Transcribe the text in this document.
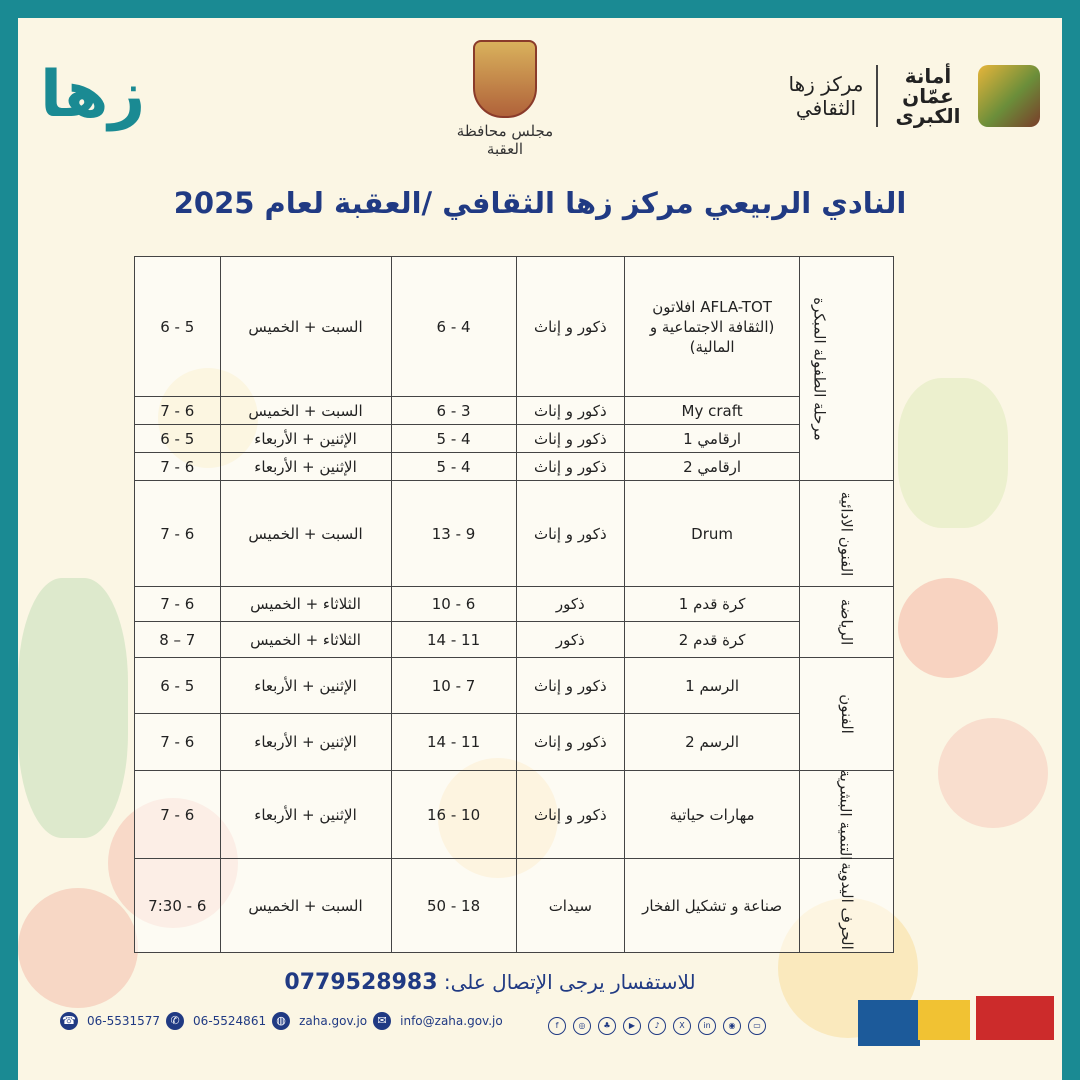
زها	مجلس محافظة العقبة
أمانة
عمّان
الكبرى
مركز زها
الثقافي
النادي الربيعي مركز زها الثقافي /العقبة لعام 2025
مرحلة الطفولة المبكرة	AFLA-TOT افلاتون (الثقافة الاجتماعية و المالية)	ذكور و إناث	4 - 6	السبت + الخميس	5 - 6
	My craft	ذكور و إناث	3 - 6	السبت + الخميس	6 - 7
	ارقامي 1	ذكور و إناث	4 - 5	الإثنين + الأربعاء	5 - 6
	ارقامي 2	ذكور و إناث	4 - 5	الإثنين + الأربعاء	6 - 7
الفنون الادائية	Drum	ذكور و إناث	9 - 13	السبت + الخميس	6 - 7
الرياضة	كرة قدم 1	ذكور	6 - 10	الثلاثاء + الخميس	6 - 7
	كرة قدم 2	ذكور	11 - 14	الثلاثاء + الخميس	7 – 8
الفنون	الرسم 1	ذكور و إناث	7 - 10	الإثنين + الأربعاء	5 - 6
	الرسم 2	ذكور و إناث	11 - 14	الإثنين + الأربعاء	6 - 7
التنمية البشرية	مهارات حياتية	ذكور و إناث	10 - 16	الإثنين + الأربعاء	6 - 7
الحرف اليدوية	صناعة و تشكيل الفخار	سيدات	18 - 50	السبت + الخميس	6 - 7:30
للاستفسار يرجى الإتصال على: 0779528983
☎ 06-5531577 ✆	06-5524861 ◍	zaha.gov.jo ✉	info@zaha.gov.jo	f	◎	♣	▶	♪	X	in	◉	▭
